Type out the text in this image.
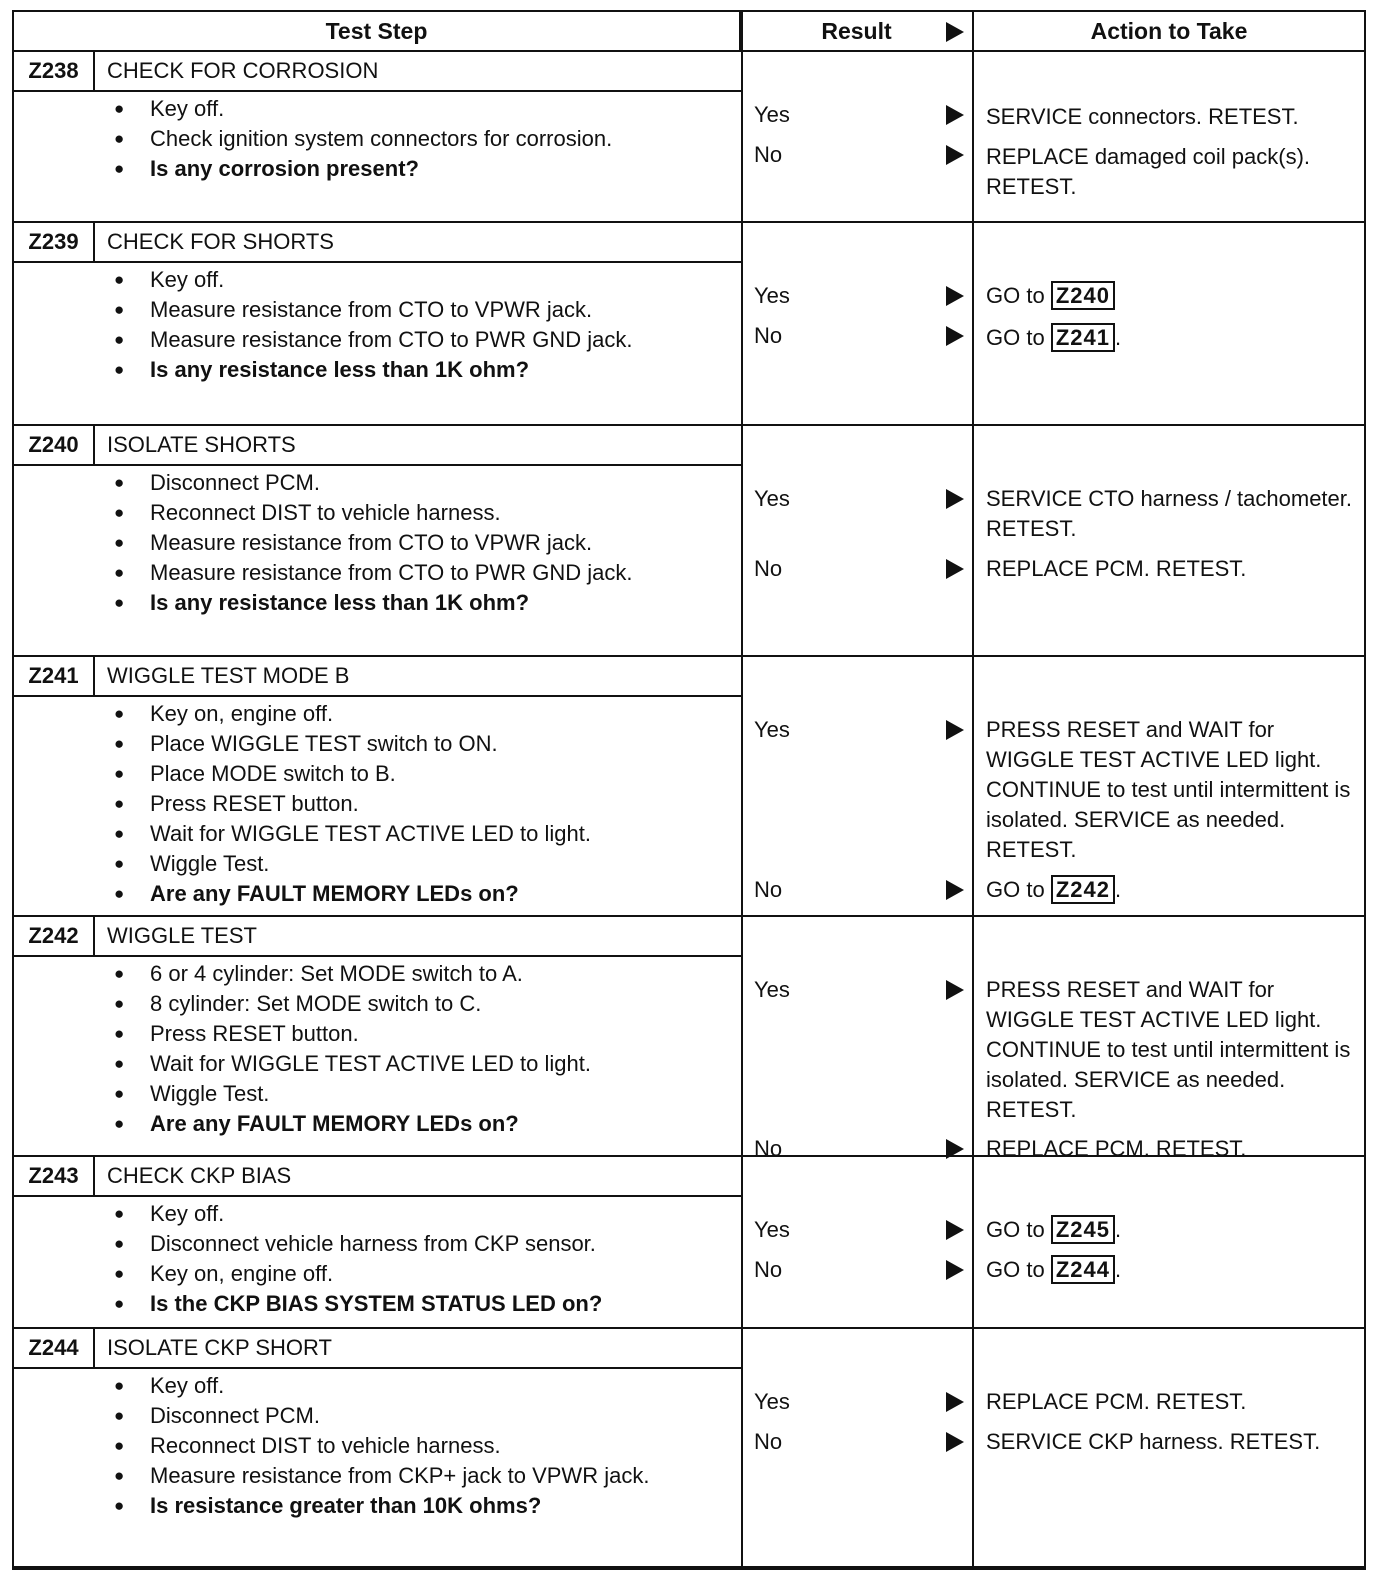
Test Step	Result	Action to Take
Z238	CHECK FOR CORROSION
● Key off.
● Check ignition system connectors for corrosion.
● Is any corrosion present?
Yes	SERVICE connectors. RETEST.
No	REPLACE damaged coil pack(s). RETEST.
Z239	CHECK FOR SHORTS
● Key off.
● Measure resistance from CTO to VPWR jack.
● Measure resistance from CTO to PWR GND jack.
● Is any resistance less than 1K ohm?
Yes	GO to Z240
No	GO to Z241 .
Z240	ISOLATE SHORTS
● Disconnect PCM.
● Reconnect DIST to vehicle harness.
● Measure resistance from CTO to VPWR jack.
● Measure resistance from CTO to PWR GND jack.
● Is any resistance less than 1K ohm?
Yes	SERVICE CTO harness / tachometer. RETEST.
No	REPLACE PCM. RETEST.
Z241	WIGGLE TEST MODE B
● Key on, engine off.
● Place WIGGLE TEST switch to ON.
● Place MODE switch to B.
● Press RESET button.
● Wait for WIGGLE TEST ACTIVE LED to light.
● Wiggle Test.
● Are any FAULT MEMORY LEDs on?
Yes	PRESS RESET and WAIT for WIGGLE TEST ACTIVE LED light. CONTINUE to test until intermittent is isolated. SERVICE as needed. RETEST.
No	GO to Z242 .
Z242	WIGGLE TEST
● 6 or 4 cylinder: Set MODE switch to A.
● 8 cylinder: Set MODE switch to C.
● Press RESET button.
● Wait for WIGGLE TEST ACTIVE LED to light.
● Wiggle Test.
● Are any FAULT MEMORY LEDs on?
Yes	PRESS RESET and WAIT for WIGGLE TEST ACTIVE LED light. CONTINUE to test until intermittent is isolated. SERVICE as needed. RETEST.
No	REPLACE PCM. RETEST.
Z243	CHECK CKP BIAS
● Key off.
● Disconnect vehicle harness from CKP sensor.
● Key on, engine off.
● Is the CKP BIAS SYSTEM STATUS LED on?
Yes	GO to Z245 .
No	GO to Z244 .
Z244	ISOLATE CKP SHORT
● Key off.
● Disconnect PCM.
● Reconnect DIST to vehicle harness.
● Measure resistance from CKP+ jack to VPWR jack.
● Is resistance greater than 10K ohms?
Yes	REPLACE PCM. RETEST.
No	SERVICE CKP harness. RETEST.
